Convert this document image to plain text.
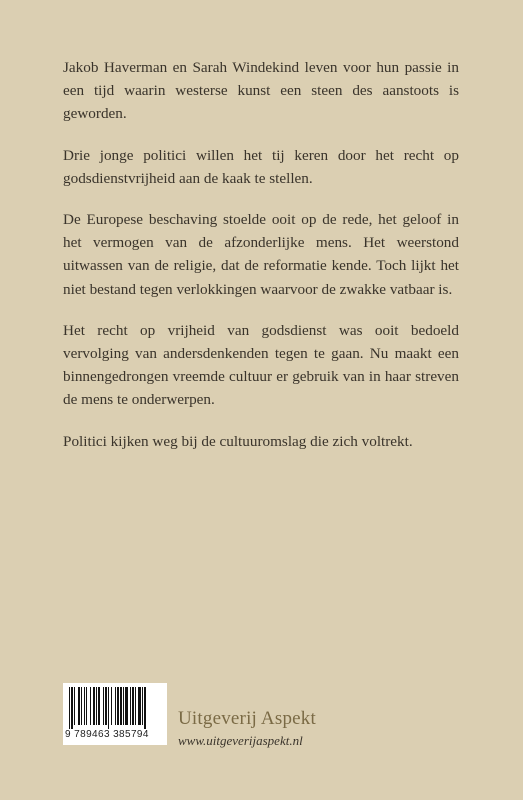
Jakob Haverman en Sarah Windekind leven voor hun passie in een tijd waarin westerse kunst een steen des aanstoots is geworden.

Drie jonge politici willen het tij keren door het recht op godsdienstvrijheid aan de kaak te stellen.

De Europese beschaving stoelde ooit op de rede, het geloof in het vermogen van de afzonderlijke mens. Het weerstond uitwassen van de religie, dat de reformatie kende. Toch lijkt het niet bestand tegen verlokkingen waarvoor de zwakke vatbaar is.

Het recht op vrijheid van godsdienst was ooit bedoeld vervolging van andersdenkenden tegen te gaan. Nu maakt een binnengedrongen vreemde cultuur er gebruik van in haar streven de mens te onderwerpen.

Politici kijken weg bij de cultuuromslag die zich voltrekt.

9 789463 385794
Uitgeverij Aspekt
www.uitgeverijaspekt.nl
